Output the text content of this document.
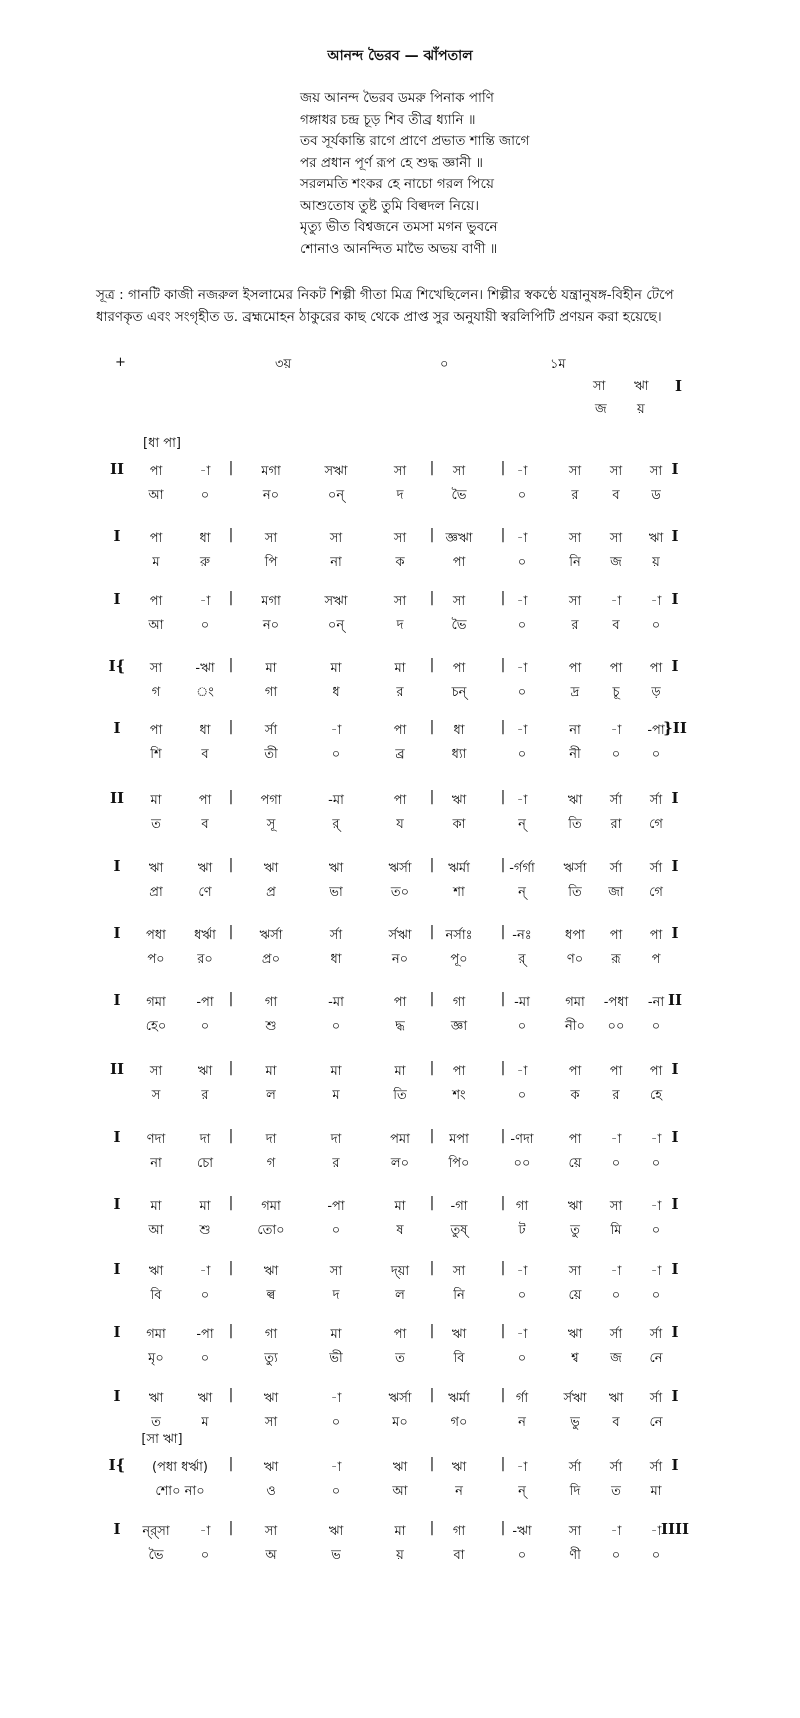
আনন্দ ভৈরব — ঝাঁপতাল
জয় আনন্দ ভৈরব ডমরু পিনাক পাণি
গঙ্গাধর চন্দ্র চূড় শিব তীব্র ধ্যানি ॥
তব সূর্যকান্তি রাগে প্রাণে প্রভাত শান্তি জাগে
পর প্রধান পূর্ণ রূপ হে শুদ্ধ জ্ঞানী ॥
সরলমতি শংকর হে নাচো গরল পিয়ে
আশুতোষ তুষ্ট তুমি বিল্বদল নিয়ে।
মৃত্যু ভীত বিশ্বজনে তমসা মগন ভুবনে
শোনাও আনন্দিত মাভৈ অভয় বাণী ॥
সূত্র : গানটি কাজী নজরুল ইসলামের নিকট শিল্পী গীতা মিত্র শিখেছিলেন। শিল্পীর স্বকণ্ঠে যন্ত্রানুষঙ্গ-বিহীন টেপে
ধারণকৃত এবং সংগৃহীত ড. ব্রহ্মমোহন ঠাকুরের কাছ থেকে প্রাপ্ত সুর অনুযায়ী স্বরলিপিটি প্রণয়ন করা হয়েছে।
+	৩য়	০	১ম
সা ঋা
জ য়
I
[ধা পা]
II	I
|	|	|
পা	-া	মগা	সঋা	সা	সা	-া	সা সা সা
আ	০	ন০	০ন্	দ	ভৈ	০	র	ব ড
I	I
|	|	|
পা	ধা	সা	সা	সা	জ্ঞঋা	-া	সা সা ঋা
ম	রু	পি	না	ক	পা	০	নি জ য়
I	I
|	|	|
পা	-া	মগা	সঋা	সা	সা	-া	সা -া -া
আ	০	ন০	০ন্	দ	ভৈ	০	র	ব ০
I{	I
|	|	|
সা	-ঋা	মা	মা	মা	পা	-া	পা পা পা
গ	ং	গা	ধ	র	চন্	০	দ্র	চূ ড়
I	}II
|	|	|
পা	ধা	র্সা	-া	পা	ধা	-া	না -া -পা
শি	ব	তী	০	ব্র	ধ্যা	০	নী ০ ০
II	I
|	|	|
মা	পা	পগা	-মা	পা	ঋা	-া	ঋা র্সা র্সা
ত	ব	সূ	র্	য	কা	ন্	তি রা গে
I	I
|	|	|
ঋা	ঋা	ঋা	ঋা	ঋর্সা	ঋর্মা	-র্গর্গা ঋর্সা র্সা র্সা
প্রা	ণে	প্র	ভা	ত০	শা	ন্	তি জা গে
I	I
|	|	|
পধা ধর্ঋা	ঋর্সা	র্সা	র্সঋা	নর্সাঃ	-নঃ	ধপা পা পা
প০	র০	প্র০	ধা	ন০	পূ০	র্	ণ০ রূ প
I	II
|	|	|
গমা -পা	গা	-মা	পা	গা	-মা	গমা -পধা -না
হে০	০	শু	০	দ্ধ	জ্ঞা	০	নী০ ০০ ০
II	I
|	|	|
সা	ঋা	মা	মা	মা	পা	-া	পা পা পা
স	র	ল	ম	তি	শং	০	ক	র হে
I	I
|	|	|
ণদা	দা	দা	দা	পমা	মপা	-ণদা	পা -া -া
না	চো	গ	র	ল০	পি০	০০	য়ে ০ ০
I	I
|	|	|
মা	মা	গমা	-পা	মা	-গা	গা	ঋা সা -া
আ	শু	তো০	০	ষ	তুষ্	ট	তু মি ০
I	I
|	|	|
ঋা	-া	ঋা	সা	দ্য়া	সা	-া	সা -া -া
বি	০	ল্ব	দ	ল	নি	০	য়ে ০ ০
I	I
|	|	|
গমা -পা	গা	মা	পা	ঋা	-া	ঋা র্সা র্সা
মৃ০	০	ত্যু	ভী	ত	বি	০	শ্ব জ নে
I	I
|	|	|
ঋা	ঋা	ঋা	-া	ঋর্সা	ঋর্মা	র্গা	র্সঋা ঋা র্সা
ত	ম	সা	০	ম০	গ০	ন	ভু	ব নে
[সা ঋা]
I{	I
|	|	|
(পধা ধর্ঋা)	ঋা	-া	ঋা	ঋা	-া	র্সা র্সা র্সা
শো০ না০	ও	০	আ	ন	ন্	দি ত মা
I	IIII
|	|	|
ন্র্সা -া	সা	ঋা	মা	গা	-ঋা	সা -া -া
ভৈ	০	অ	ভ	য়	বা	০	ণী ০ ০
